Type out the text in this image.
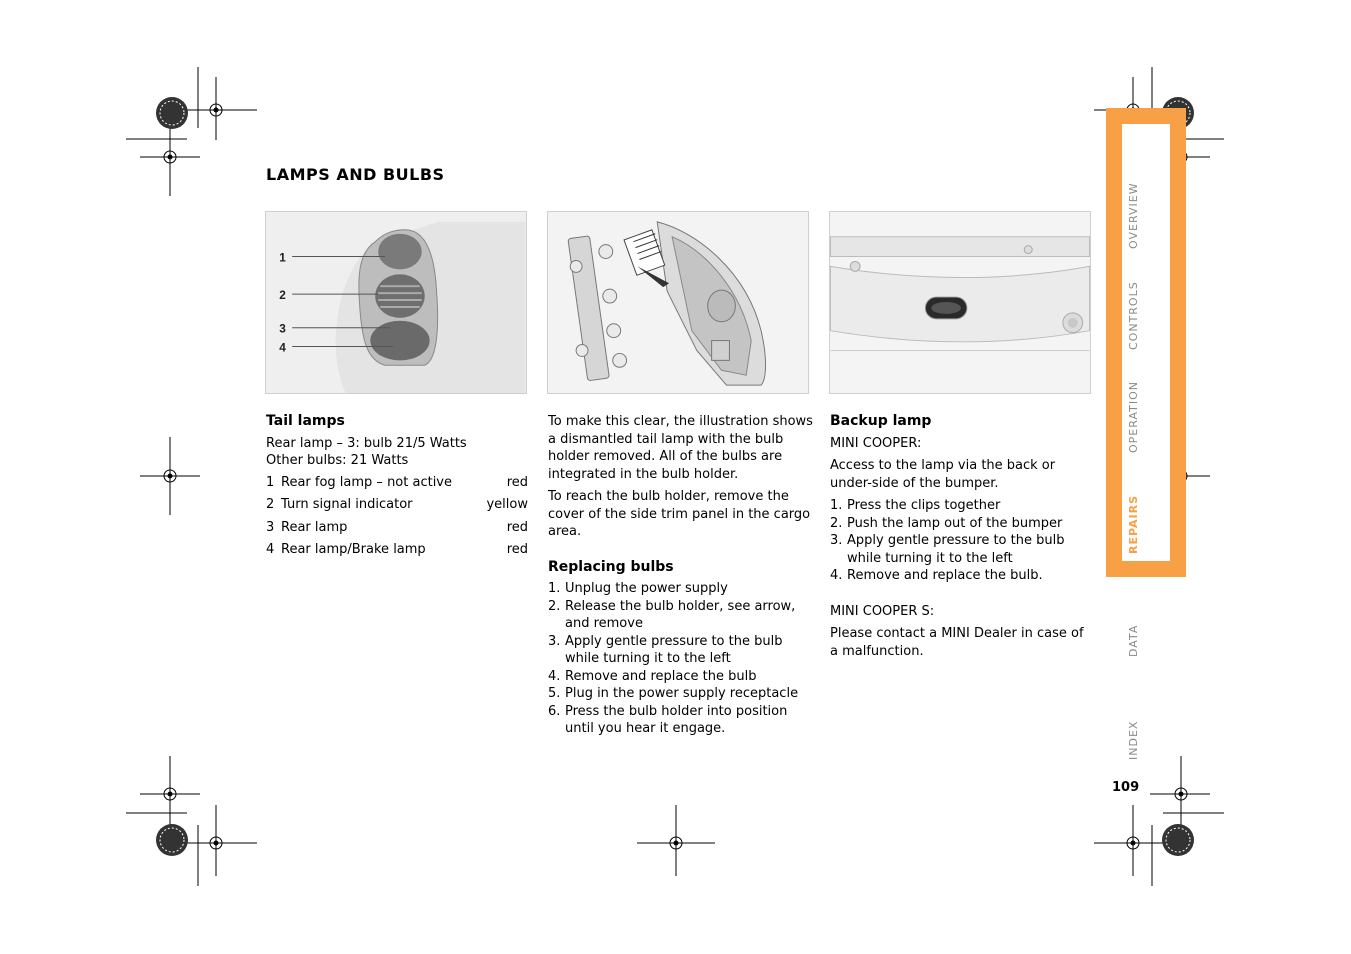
LAMPS AND BULBS
1
2
3
4
Tail lamps
Rear lamp – 3: bulb 21/5 Watts
Other bulbs: 21 Watts
1 Rear fog lamp – not active	red
2 Turn signal indicator	yellow
3 Rear lamp	red
4 Rear lamp/Brake lamp	red

To make this clear, the illustration shows a dismantled tail lamp with the bulb holder removed. All of the bulbs are integrated in the bulb holder.

To reach the bulb holder, remove the cover of the side trim panel in the cargo area.

Replacing bulbs
1. Unplug the power supply
2. Release the bulb holder, see arrow, and remove
3. Apply gentle pressure to the bulb while turning it to the left
4. Remove and replace the bulb
5. Plug in the power supply receptacle
6. Press the bulb holder into position until you hear it engage.
Backup lamp

MINI COOPER:

Access to the lamp via the back or under-side of the bumper.

1. Press the clips together
2. Push the lamp out of the bumper
3. Apply gentle pressure to the bulb while turning it to the left
4. Remove and replace the bulb.

MINI COOPER S:

Please contact a MINI Dealer in case of a malfunction.

OVERVIEW
CONTROLS
OPERATION
REPAIRS
DATA
INDEX
109
